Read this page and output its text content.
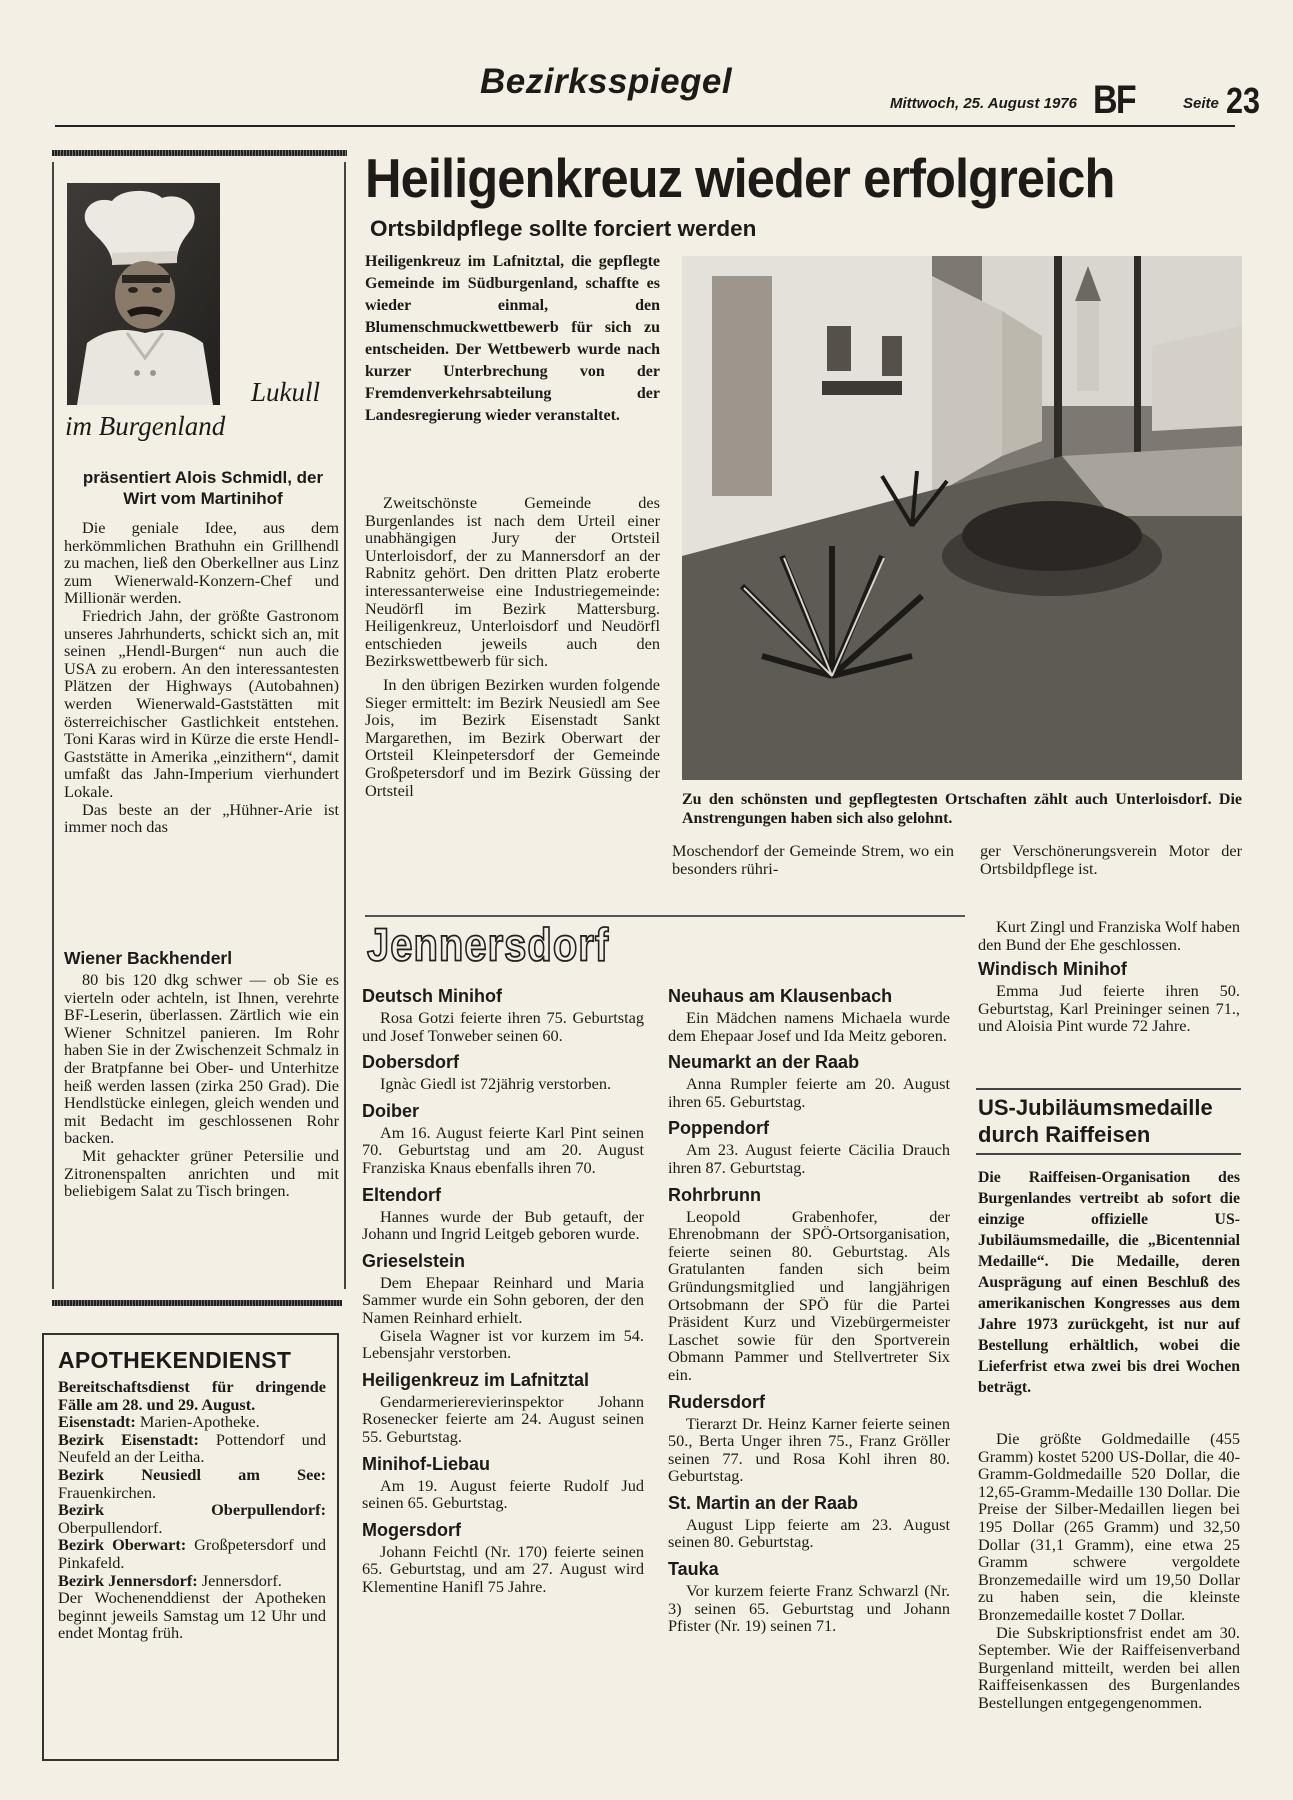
Bezirksspiegel
Mittwoch, 25. August 1976 BF	Seite 23
Lukull
im Burgenland
präsentiert Alois Schmidl, der Wirt vom Martinihof

Die geniale Idee, aus dem herkömmlichen Brathuhn ein Grillhendl zu machen, ließ den Oberkellner aus Linz zum Wienerwald-Konzern-Chef und Millionär werden.

Friedrich Jahn, der größte Gastronom unseres Jahrhunderts, schickt sich an, mit seinen „Hendl-Burgen“ nun auch die USA zu erobern. An den interessantesten Plätzen der Highways (Autobahnen) werden Wienerwald-Gaststätten mit österreichischer Gastlichkeit entstehen. Toni Karas wird in Kürze die erste Hendl-Gaststätte in Amerika „einzithern“, damit umfaßt das Jahn-Imperium vierhundert Lokale.

Das beste an der „Hühner-Arie ist immer noch das

Wiener Backhenderl

80 bis 120 dkg schwer — ob Sie es vierteln oder achteln, ist Ihnen, verehrte BF-Leserin, überlassen. Zärtlich wie ein Wiener Schnitzel panieren. Im Rohr haben Sie in der Zwischenzeit Schmalz in der Bratpfanne bei Ober- und Unterhitze heiß werden lassen (zirka 250 Grad). Die Hendlstücke einlegen, gleich wenden und mit Bedacht im geschlossenen Rohr backen.

Mit gehackter grüner Petersilie und Zitronenspalten anrichten und mit beliebigem Salat zu Tisch bringen.

APOTHEKENDIENST

Bereitschaftsdienst für dringende Fälle am 28. und 29. August.

Eisenstadt: Marien-Apotheke.

Bezirk Eisenstadt: Pottendorf und Neufeld an der Leitha.

Bezirk Neusiedl am See: Frauenkirchen.

Bezirk Oberpullendorf: Oberpullendorf.

Bezirk Oberwart: Großpetersdorf und Pinkafeld.

Bezirk Jennersdorf: Jennersdorf.

Der Wochenenddienst der Apotheken beginnt jeweils Samstag um 12 Uhr und endet Montag früh.

Heiligenkreuz wieder erfolgreich
Ortsbildpflege sollte forciert werden

Heiligenkreuz im Lafnitztal, die gepflegte Gemeinde im Südburgenland, schaffte es wieder einmal, den Blumenschmuckwettbewerb für sich zu entscheiden. Der Wettbewerb wurde nach kurzer Unterbrechung von der Fremdenverkehrsabteilung der Landesregierung wieder veranstaltet.

Zweitschönste Gemeinde des Burgenlandes ist nach dem Urteil einer unabhängigen Jury der Ortsteil Unterloisdorf, der zu Mannersdorf an der Rabnitz gehört. Den dritten Platz eroberte interessanterweise eine Industriegemeinde: Neudörfl im Bezirk Mattersburg. Heiligenkreuz, Unterloisdorf und Neudörfl entschieden jeweils auch den Bezirkswettbewerb für sich.

In den übrigen Bezirken wurden folgende Sieger ermittelt: im Bezirk Neusiedl am See Jois, im Bezirk Eisenstadt Sankt Margarethen, im Bezirk Oberwart der Ortsteil Kleinpetersdorf der Gemeinde Großpetersdorf und im Bezirk Güssing der Ortsteil	Zu den schönsten und gepflegtesten Ortschaften zählt auch Unterloisdorf. Die Anstrengungen haben sich also gelohnt.

Moschendorf der Gemeinde Strem, wo ein besonders rühri-

ger Verschönerungsverein Motor der Ortsbildpflege ist.

Jennersdorf
Deutsch Minihof

Rosa Gotzi feierte ihren 75. Geburtstag und Josef Tonweber seinen 60.

Dobersdorf

Ignàc Giedl ist 72jährig verstorben.

Doiber

Am 16. August feierte Karl Pint seinen 70. Geburtstag und am 20. August Franziska Knaus ebenfalls ihren 70.

Eltendorf

Hannes wurde der Bub getauft, der Johann und Ingrid Leitgeb geboren wurde.

Grieselstein

Dem Ehepaar Reinhard und Maria Sammer wurde ein Sohn geboren, der den Namen Reinhard erhielt.

Gisela Wagner ist vor kurzem im 54. Lebensjahr verstorben.

Heiligenkreuz im Lafnitztal

Gendarmerierevierinspektor Johann Rosenecker feierte am 24. August seinen 55. Geburtstag.

Minihof-Liebau

Am 19. August feierte Rudolf Jud seinen 65. Geburtstag.

Mogersdorf

Johann Feichtl (Nr. 170) feierte seinen 65. Geburtstag, und am 27. August wird Klementine Hanifl 75 Jahre.

Neuhaus am Klausenbach

Ein Mädchen namens Michaela wurde dem Ehepaar Josef und Ida Meitz geboren.

Neumarkt an der Raab

Anna Rumpler feierte am 20. August ihren 65. Geburtstag.

Poppendorf

Am 23. August feierte Cäcilia Drauch ihren 87. Geburtstag.

Rohrbrunn

Leopold Grabenhofer, der Ehrenobmann der SPÖ-Ortsorganisation, feierte seinen 80. Geburtstag. Als Gratulanten fanden sich beim Gründungsmitglied und langjährigen Ortsobmann der SPÖ für die Partei Präsident Kurz und Vizebürgermeister Laschet sowie für den Sportverein Obmann Pammer und Stellvertreter Six ein.

Rudersdorf

Tierarzt Dr. Heinz Karner feierte seinen 50., Berta Unger ihren 75., Franz Gröller seinen 77. und Rosa Kohl ihren 80. Geburtstag.

St. Martin an der Raab

August Lipp feierte am 23. August seinen 80. Geburtstag.

Tauka

Vor kurzem feierte Franz Schwarzl (Nr. 3) seinen 65. Geburtstag und Johann Pfister (Nr. 19) seinen 71.

Kurt Zingl und Franziska Wolf haben den Bund der Ehe geschlossen.

Windisch Minihof

Emma Jud feierte ihren 50. Geburtstag, Karl Preininger seinen 71., und Aloisia Pint wurde 72 Jahre.

US-Jubiläumsmedaille durch Raiffeisen
Die Raiffeisen-Organisation des Burgenlandes vertreibt ab sofort die einzige offizielle US-Jubiläumsmedaille, die „Bicentennial Medaille“. Die Medaille, deren Ausprägung auf einen Beschluß des amerikanischen Kongresses aus dem Jahre 1973 zurückgeht, ist nur auf Bestellung erhältlich, wobei die Lieferfrist etwa zwei bis drei Wochen beträgt.

Die größte Goldmedaille (455 Gramm) kostet 5200 US-Dollar, die 40-Gramm-Goldmedaille 520 Dollar, die 12,65-Gramm-Medaille 130 Dollar. Die Preise der Silber-Medaillen liegen bei 195 Dollar (265 Gramm) und 32,50 Dollar (31,1 Gramm), eine etwa 25 Gramm schwere vergoldete Bronzemedaille wird um 19,50 Dollar zu haben sein, die kleinste Bronzemedaille kostet 7 Dollar.

Die Subskriptionsfrist endet am 30. September. Wie der Raiffeisenverband Burgenland mitteilt, werden bei allen Raiffeisenkassen des Burgenlandes Bestellungen entgegengenommen.
